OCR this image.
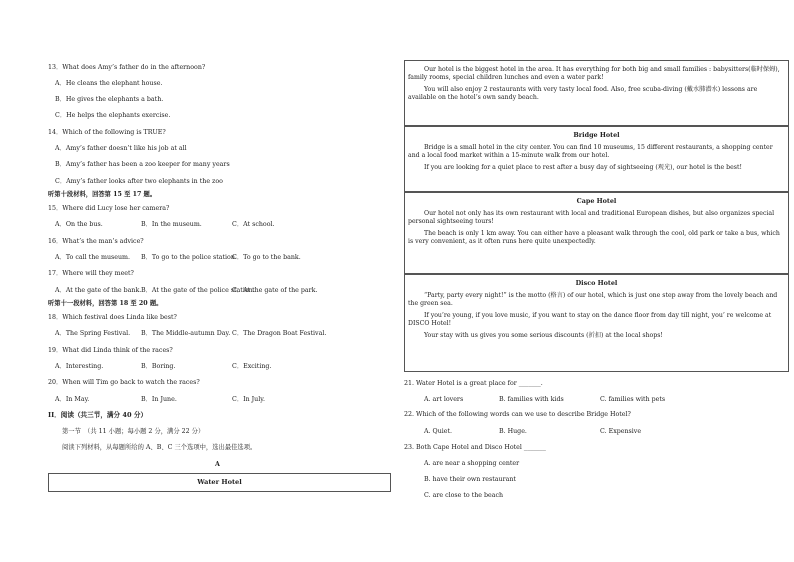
13．What does Amy’s father do in the afternoon?
A．He cleans the elephant house.
B．He gives the elephants a bath.
C．He helps the elephants exercise.
14．Which of the following is TRUE?
A．Amy’s father doesn’t like his job at all
B．Amy’s father has been a zoo keeper for many years
C．Amy’s father looks after two elephants in the zoo
听第十段材料，回答第 15 至 17 题。
15．Where did Lucy lose her camera?
A．On the bus.	B．In the museum.	C．At school.
16．What’s the man’s advice?
A．To call the museum. B．To go to the police station.
C．To go to the bank.
17．Where will they meet?
A．At the gate of the bank. B．At the gate of the police station.
C．At the gate of the park.
听第十一段材料，回答第 18 至 20 题。
18．Which festival does Linda like best?
A．The Spring Festival. B．The Middle-autumn Day. C．The Dragon Boat Festival.
19．What did Linda think of the races?
A．Interesting.	B．Boring.	C．Exciting.
20．When will Tim go back to watch the races?
A．In May.	B．In June.	C．In July.
II．阅读（共三节，满分 40 分）
第一节　（共 11 小题；每小题 2 分，满分 22 分）
阅读下列材料，从每题所给的 A、B、C 三个选项中，选出最佳选项。
A
Water Hotel
Our hotel is the biggest hotel in the area. It has everything for both big and small families : babysitters(临时保姆), family rooms, special children lunches and even a water park!
You will also enjoy 2 restaurants with very tasty local food. Also, free scuba-diving (戴水肺潜水) lessons are available on the hotel’s own sandy beach.
Bridge Hotel
Bridge is a small hotel in the city center. You can find 10 museums, 15 different restaurants, a shopping center and a local food market within a 15-minute walk from our hotel.
If you are looking for a quiet place to rest after a busy day of sightseeing (观光), our hotel is the best!
Cape Hotel
Our hotel not only has its own restaurant with local and traditional European dishes, but also organizes special personal sightseeing tours!
The beach is only 1 km away. You can either have a pleasant walk through the cool, old park or take a bus, which is very convenient, as it often runs here quite unexpectedly.
Disco Hotel
“Party, party every night!” is the motto (格言) of our hotel, which is just one step away from the lovely beach and the green sea.
If you’re young, if you love music, if you want to stay on the dance floor from day till night, you’ re welcome at DISCO Hotel!
Your stay with us gives you some serious discounts (折扣) at the local shops!
21. Water Hotel is a great place for _______.
A. art lovers	B. families with kids	C. families with pets
22. Which of the following words can we use to describe Bridge Hotel?
A. Quiet.	B. Huge.	C. Expensive
23. Both Cape Hotel and Disco Hotel _______
A. are near a shopping center
B. have their own restaurant
C. are close to the beach
